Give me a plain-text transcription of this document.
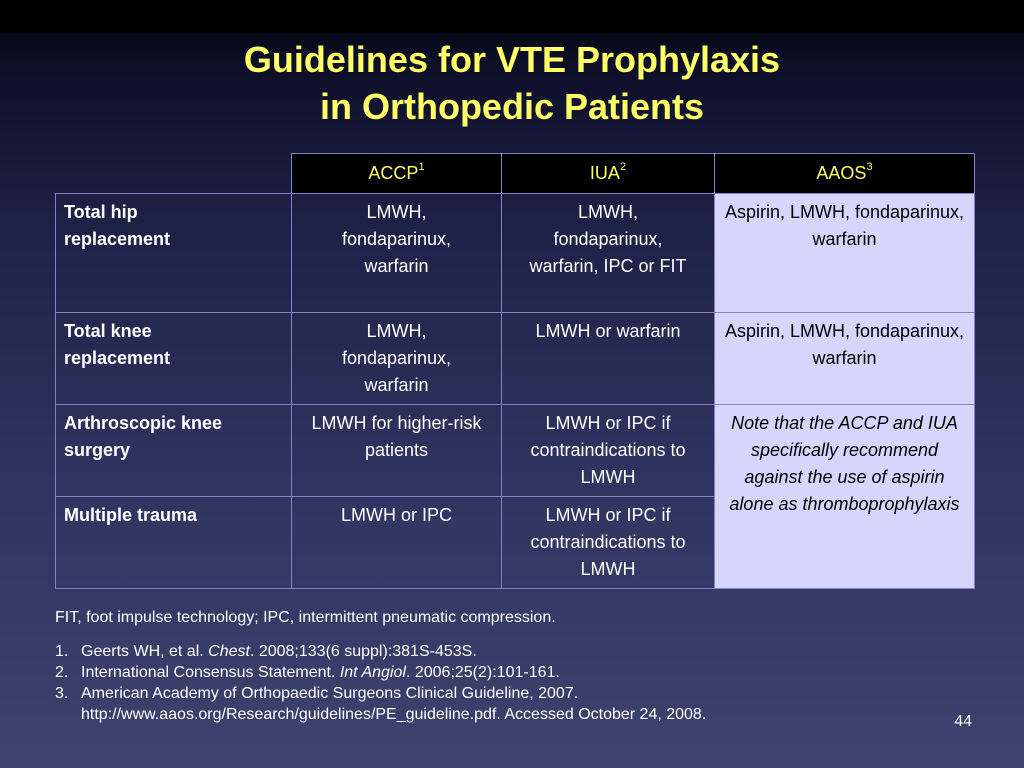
Guidelines for VTE Prophylaxis
in Orthopedic Patients
	ACCP$^1$	IUA$^2$	AAOS$^3$
Total hip replacement	LMWH, fondaparinux, warfarin	LMWH, fondaparinux, warfarin, IPC or FIT	Aspirin, LMWH, fondaparinux, warfarin
Total knee replacement	LMWH, fondaparinux, warfarin	LMWH or warfarin	Aspirin, LMWH, fondaparinux, warfarin
Arthroscopic knee surgery	LMWH for higher-risk patients	LMWH or IPC if contraindications to LMWH	Note that the ACCP and IUA specifically recommend against the use of aspirin alone as thromboprophylaxis
Multiple trauma	LMWH or IPC	LMWH or IPC if contraindications to LMWH	
FIT, foot impulse technology; IPC, intermittent pneumatic compression.
1. Geerts WH, et al. Chest. 2008;133(6 suppl):381S-453S.
2. International Consensus Statement. Int Angiol. 2006;25(2):101-161.
3. American Academy of Orthopaedic Surgeons Clinical Guideline, 2007.
http://www.aaos.org/Research/guidelines/PE_guideline.pdf. Accessed October 24, 2008.	44
